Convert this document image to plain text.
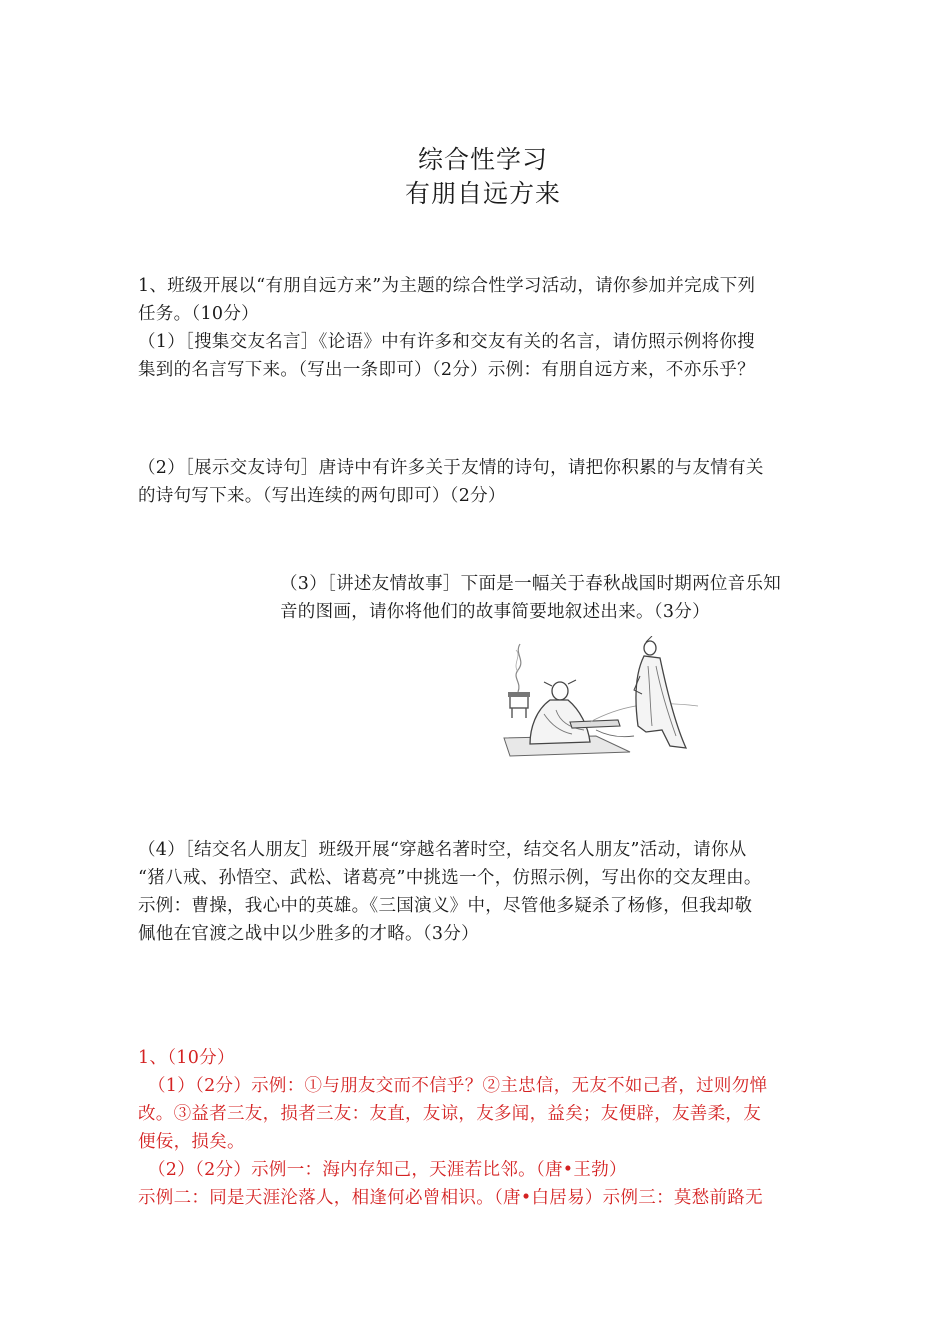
综合性学习
有朋自远方来
1、班级开展以“有朋自远方来”为主题的综合性学习活动，请你参加并完成下列
任务。（10分）
（1）［搜集交友名言］《论语》中有许多和交友有关的名言，请仿照示例将你搜
集到的名言写下来。（写出一条即可）（2分）示例：有朋自远方来，不亦乐乎？
（2）［展示交友诗句］唐诗中有许多关于友情的诗句，请把你积累的与友情有关
的诗句写下来。（写出连续的两句即可）（2分）
（3）［讲述友情故事］下面是一幅关于春秋战国时期两位音乐知
音的图画，请你将他们的故事简要地叙述出来。（3分）
（4）［结交名人朋友］班级开展“穿越名著时空，结交名人朋友”活动，请你从
“猪八戒、孙悟空、武松、诸葛亮”中挑选一个，仿照示例，写出你的交友理由。
示例：曹操，我心中的英雄。《三国演义》中，尽管他多疑杀了杨修，但我却敬
佩他在官渡之战中以少胜多的才略。（3分）
1、（10分）
（1）（2分）示例：①与朋友交而不信乎？②主忠信，无友不如己者，过则勿惮
改。③益者三友，损者三友：友直，友谅，友多闻，益矣；友便辟，友善柔，友
便佞，损矣。
（2）（2分）示例一：海内存知己，天涯若比邻。（唐•王勃）
示例二：同是天涯沦落人，相逢何必曾相识。（唐•白居易）示例三：莫愁前路无
